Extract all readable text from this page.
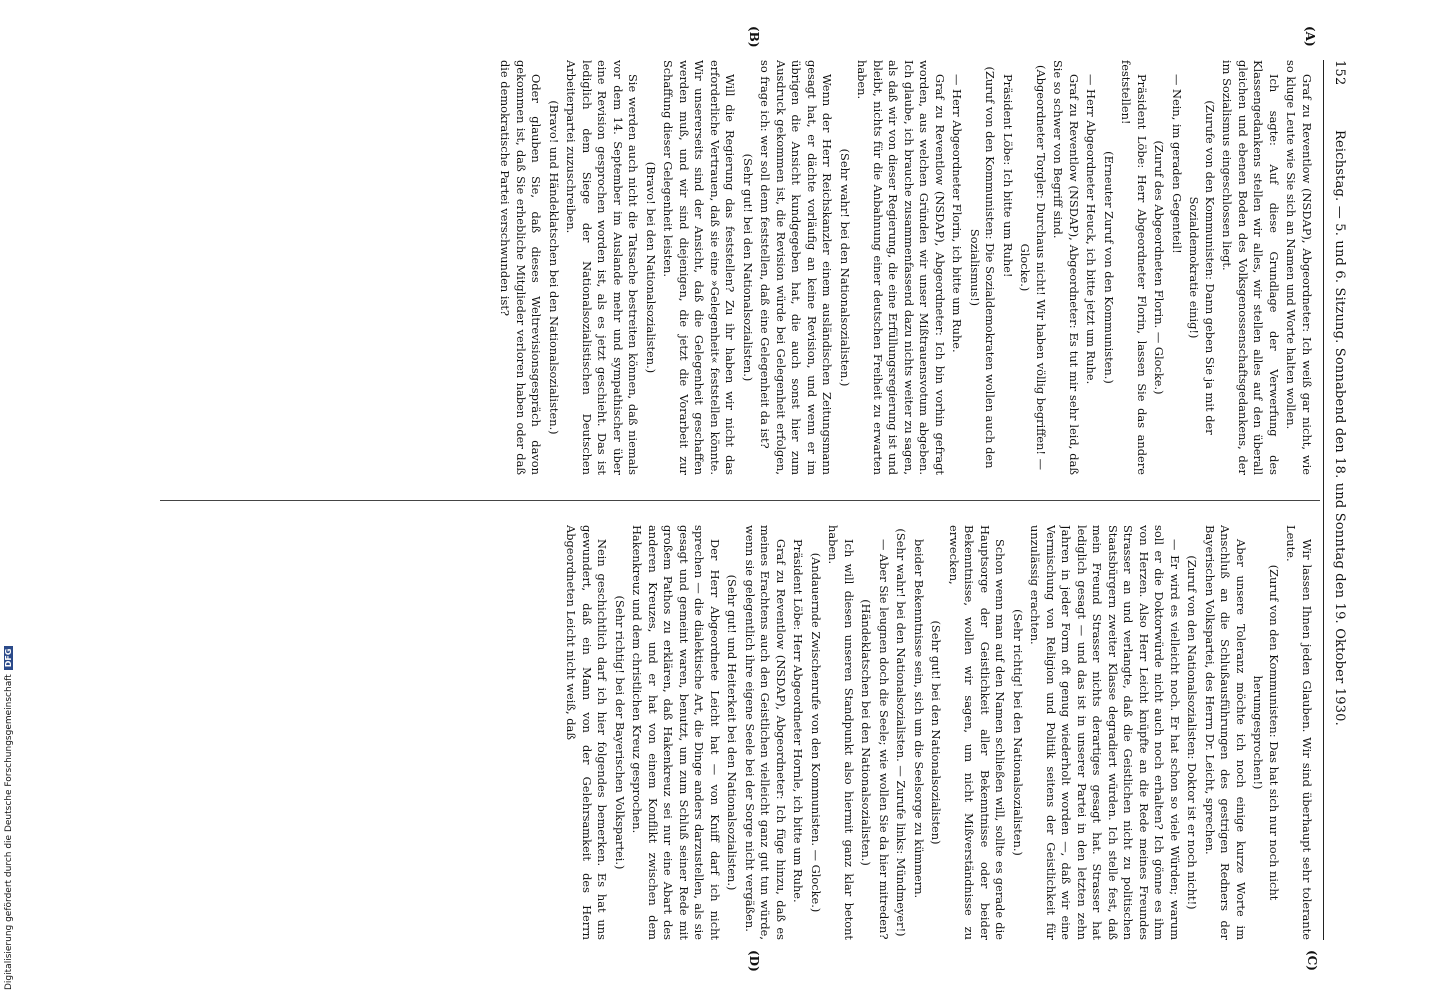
152
Reichstag. — 5. und 6. Sitzung. Sonnabend den 18. und Sonntag den 19. Oktober 1930.
(A)
(B)
(C)
(D)

Graf zu Reventlow (NSDAP), Abgeordneter: Ich weiß gar nicht, wie so kluge Leute wie Sie sich an Namen und Worte halten wollen.

Ich sagte: Auf diese Grundlage der Verwerfung des Klassengedankens stellen wir alles, wir stellen alles auf den überall gleichen und ebenen Boden des Volksgenossenschaftsgedankens, der im Sozialismus eingeschlossen liegt.

(Zurufe von den Kommunisten: Dann geben Sie ja mit der Sozialdemokratie einig!)

— Nein, im geraden Gegenteil!

(Zuruf des Abgeordneten Florin. — Glocke.)

Präsident Löbe: Herr Abgeordneter Florin, lassen Sie das andere feststellen!

(Erneuter Zuruf von den Kommunisten.)

— Herr Abgeordneter Heuck, ich bitte jetzt um Ruhe.

Graf zu Reventlow (NSDAP), Abgeordneter: Es tut mir sehr leid, daß Sie so schwer von Begriff sind.

(Abgeordneter Torgler: Durchaus nicht! Wir haben völlig begriffen! — Glocke.)

Präsident Löbe: Ich bitte um Ruhe!

(Zuruf von den Kommunisten: Die Sozialdemokraten wollen auch den Sozialismus!)

— Herr Abgeordneter Florin, ich bitte um Ruhe.

Graf zu Reventlow (NSDAP), Abgeordneter: Ich bin vorhin gefragt worden, aus welchen Gründen wir unser Mißtrauensvotum abgeben. Ich glaube, ich brauche zusammenfassend dazu nichts weiter zu sagen, als daß wir von dieser Regierung, die eine Erfüllungsregierung ist und bleibt, nichts für die Anbahnung einer deutschen Freiheit zu erwarten haben.

(Sehr wahr! bei den Nationalsozialisten.)

Wenn der Herr Reichskanzler einem ausländischen Zeitungsmann gesagt hat, er dächte vorläufig an keine Revision, und wenn er im übrigen die Ansicht kundgegeben hat, die auch sonst hier zum Ausdruck gekommen ist, die Revision würde bei Gelegenheit erfolgen, so frage ich: wer soll denn feststellen, daß eine Gelegenheit da ist?

(Sehr gut! bei den Nationalsozialisten.)

Will die Regierung das feststellen? Zu ihr haben wir nicht das erforderliche Vertrauen, daß sie eine »Gelegenheit« feststellen könnte. Wir unsererseits sind der Ansicht, daß die Gelegenheit geschaffen werden muß, und wir sind diejenigen, die jetzt die Vorarbeit zur Schaffung dieser Gelegenheit leisten.

(Bravo! bei den Nationalsozialisten.)

Sie werden auch nicht die Tatsache bestreiten können, daß niemals vor dem 14. September im Auslande mehr und sympathischer über eine Revision gesprochen worden ist, als es jetzt geschieht. Das ist lediglich dem Siege der Nationalsozialistischen Deutschen Arbeiterpartei zuzuschreiben.

(Bravo! und Händeklatschen bei den Nationalsozialisten.)

Oder glauben Sie, daß dieses Weltrevisionsgespräch davon gekommen ist, daß Sie erhebliche Mitglieder verloren haben oder daß die demokratische Partei verschwunden ist?

Wir lassen Ihnen jeden Glauben. Wir sind überhaupt sehr tolerante Leute.

(Zuruf von den Kommunisten: Das hat sich nur noch nicht herumgesprochen!)

Aber unsere Toleranz möchte ich noch einige kurze Worte im Anschluß an die Schlußausführungen des gestrigen Redners der Bayerischen Volkspartei, des Herrn Dr. Leicht, sprechen.

(Zuruf von den Nationalsozialisten: Doktor ist er noch nicht!)

— Er wird es vielleicht noch. Er hat schon so viele Würden; warum soll er die Doktorwürde nicht auch noch erhalten? Ich gönne es ihm von Herzen. Also Herr Leicht knüpfte an die Rede meines Freundes Strasser an und verlangte, daß die Geistlichen nicht zu politischen Staatsbürgern zweiter Klasse degradiert würden. Ich stelle fest, daß mein Freund Strasser nichts derartiges gesagt hat. Strasser hat lediglich gesagt — und das ist in unserer Partei in den letzten zehn Jahren in jeder Form oft genug wiederholt worden —, daß wir eine Vermischung von Religion und Politik seitens der Geistlichkeit für unzulässig erachten.

(Sehr richtig! bei den Nationalsozialisten.)

Schon wenn man auf den Namen schließen will, sollte es gerade die Hauptsorge der Geistlichkeit aller Bekenntnisse oder beider Bekenntnisse, wollen wir sagen, um nicht Mißverständnisse zu erwecken,

(Sehr gut! bei den Nationalsozialisten)

beider Bekenntnisse sein, sich um die Seelsorge zu kümmern.

(Sehr wahr! bei den Nationalsozialisten. — Zurufe links: Mündmeyer!)

— Aber Sie leugnen doch die Seele; wie wollen Sie da hier mitreden?

(Händeklatschen bei den Nationalsozialisten.)

Ich will diesen unseren Standpunkt also hiermit ganz klar betont haben.

(Andauernde Zwischenrufe von den Kommunisten. — Glocke.)

Präsident Löbe: Herr Abgeordneter Hornle, ich bitte um Ruhe.

Graf zu Reventlow (NSDAP), Abgeordneter: Ich füge hinzu, daß es meines Erachtens auch den Geistlichen vielleicht ganz gut tun würde, wenn sie gelegentlich ihre eigene Seele bei der Sorge nicht vergäßen.

(Sehr gut! und Heiterkeit bei den Nationalsozialisten.)

Der Herr Abgeordnete Leicht hat — von Kniff darf ich nicht sprechen — die dialektische Art, die Dinge anders darzustellen, als sie gesagt und gemeint waren, benutzt, um zum Schluß seiner Rede mit großem Pathos zu erklären, daß Hakenkreuz sei nur eine Abart des anderen Kreuzes, und er hat von einem Konflikt zwischen dem Hakenkreuz und dem christlichen Kreuz gesprochen.

(Sehr richtig! bei der Bayerischen Volkspartei.)

Nein geschichtlich darf ich hier folgendes bemerken. Es hat uns gewundert, daß ein Mann von der Gelehrsamkeit des Herrn Abgeordneten Leicht nicht weiß, daß

Digitalisierung gefördert durch die Deutsche ForschungsgemeinschaftDFG
